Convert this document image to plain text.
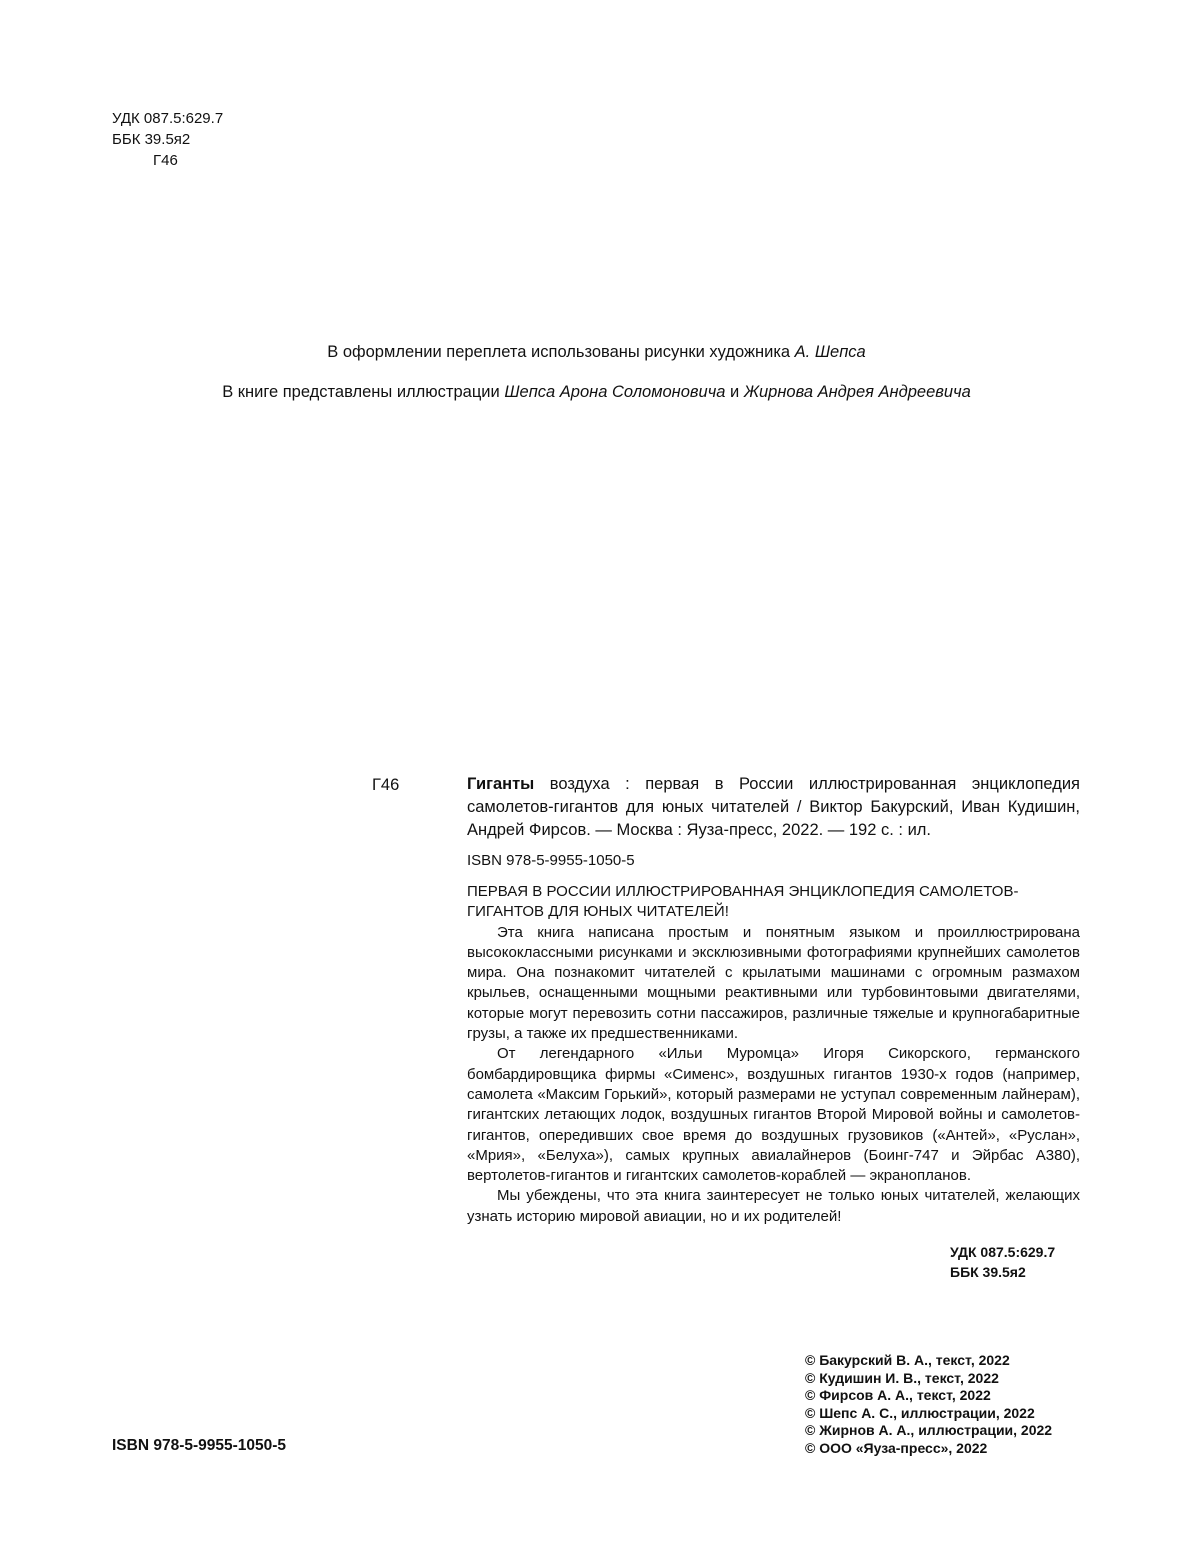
УДК 087.5:629.7
ББК 39.5я2
Г46
В оформлении переплета использованы рисунки художника А. Шепса
В книге представлены иллюстрации Шепса Арона Соломоновича и Жирнова Андрея Андреевича
Г46	Гиганты воздуха : первая в России иллюстрированная энциклопедия самолетов-гигантов для юных читателей / Виктор Бакурский, Иван Кудишин, Андрей Фирсов. — Москва : Яуза-пресс, 2022. — 192 с. : ил.
ISBN 978-5-9955-1050-5

ПЕРВАЯ В РОССИИ ИЛЛЮСТРИРОВАННАЯ ЭНЦИКЛОПЕДИЯ САМОЛЕТОВ-ГИГАНТОВ ДЛЯ ЮНЫХ ЧИТАТЕЛЕЙ!

Эта книга написана простым и понятным языком и проиллюстрирована высококлассными рисунками и эксклюзивными фотографиями крупнейших самолетов мира. Она познакомит читателей с крылатыми машинами с огромным размахом крыльев, оснащенными мощными реактивными или турбовинтовыми двигателями, которые могут перевозить сотни пассажиров, различные тяжелые и крупногабаритные грузы, а также их предшественниками.

От легендарного «Ильи Муромца» Игоря Сикорского, германского бомбардировщика фирмы «Сименс», воздушных гигантов 1930-х годов (например, самолета «Максим Горький», который размерами не уступал современным лайнерам), гигантских летающих лодок, воздушных гигантов Второй Мировой войны и самолетов-гигантов, опередивших свое время до воздушных грузовиков («Антей», «Руслан», «Мрия», «Белуха»), самых крупных авиалайнеров (Боинг-747 и Эйрбас А380), вертолетов-гигантов и гигантских самолетов-кораблей — экранопланов.

Мы убеждены, что эта книга заинтересует не только юных читателей, желающих узнать историю мировой авиации, но и их родителей!

УДК 087.5:629.7
ББК 39.5я2
© Бакурский В. А., текст, 2022
© Кудишин И. В., текст, 2022
© Фирсов А. А., текст, 2022
© Шепс А. С., иллюстрации, 2022
© Жирнов А. А., иллюстрации, 2022
© ООО «Яуза-пресс», 2022
ISBN 978-5-9955-1050-5
